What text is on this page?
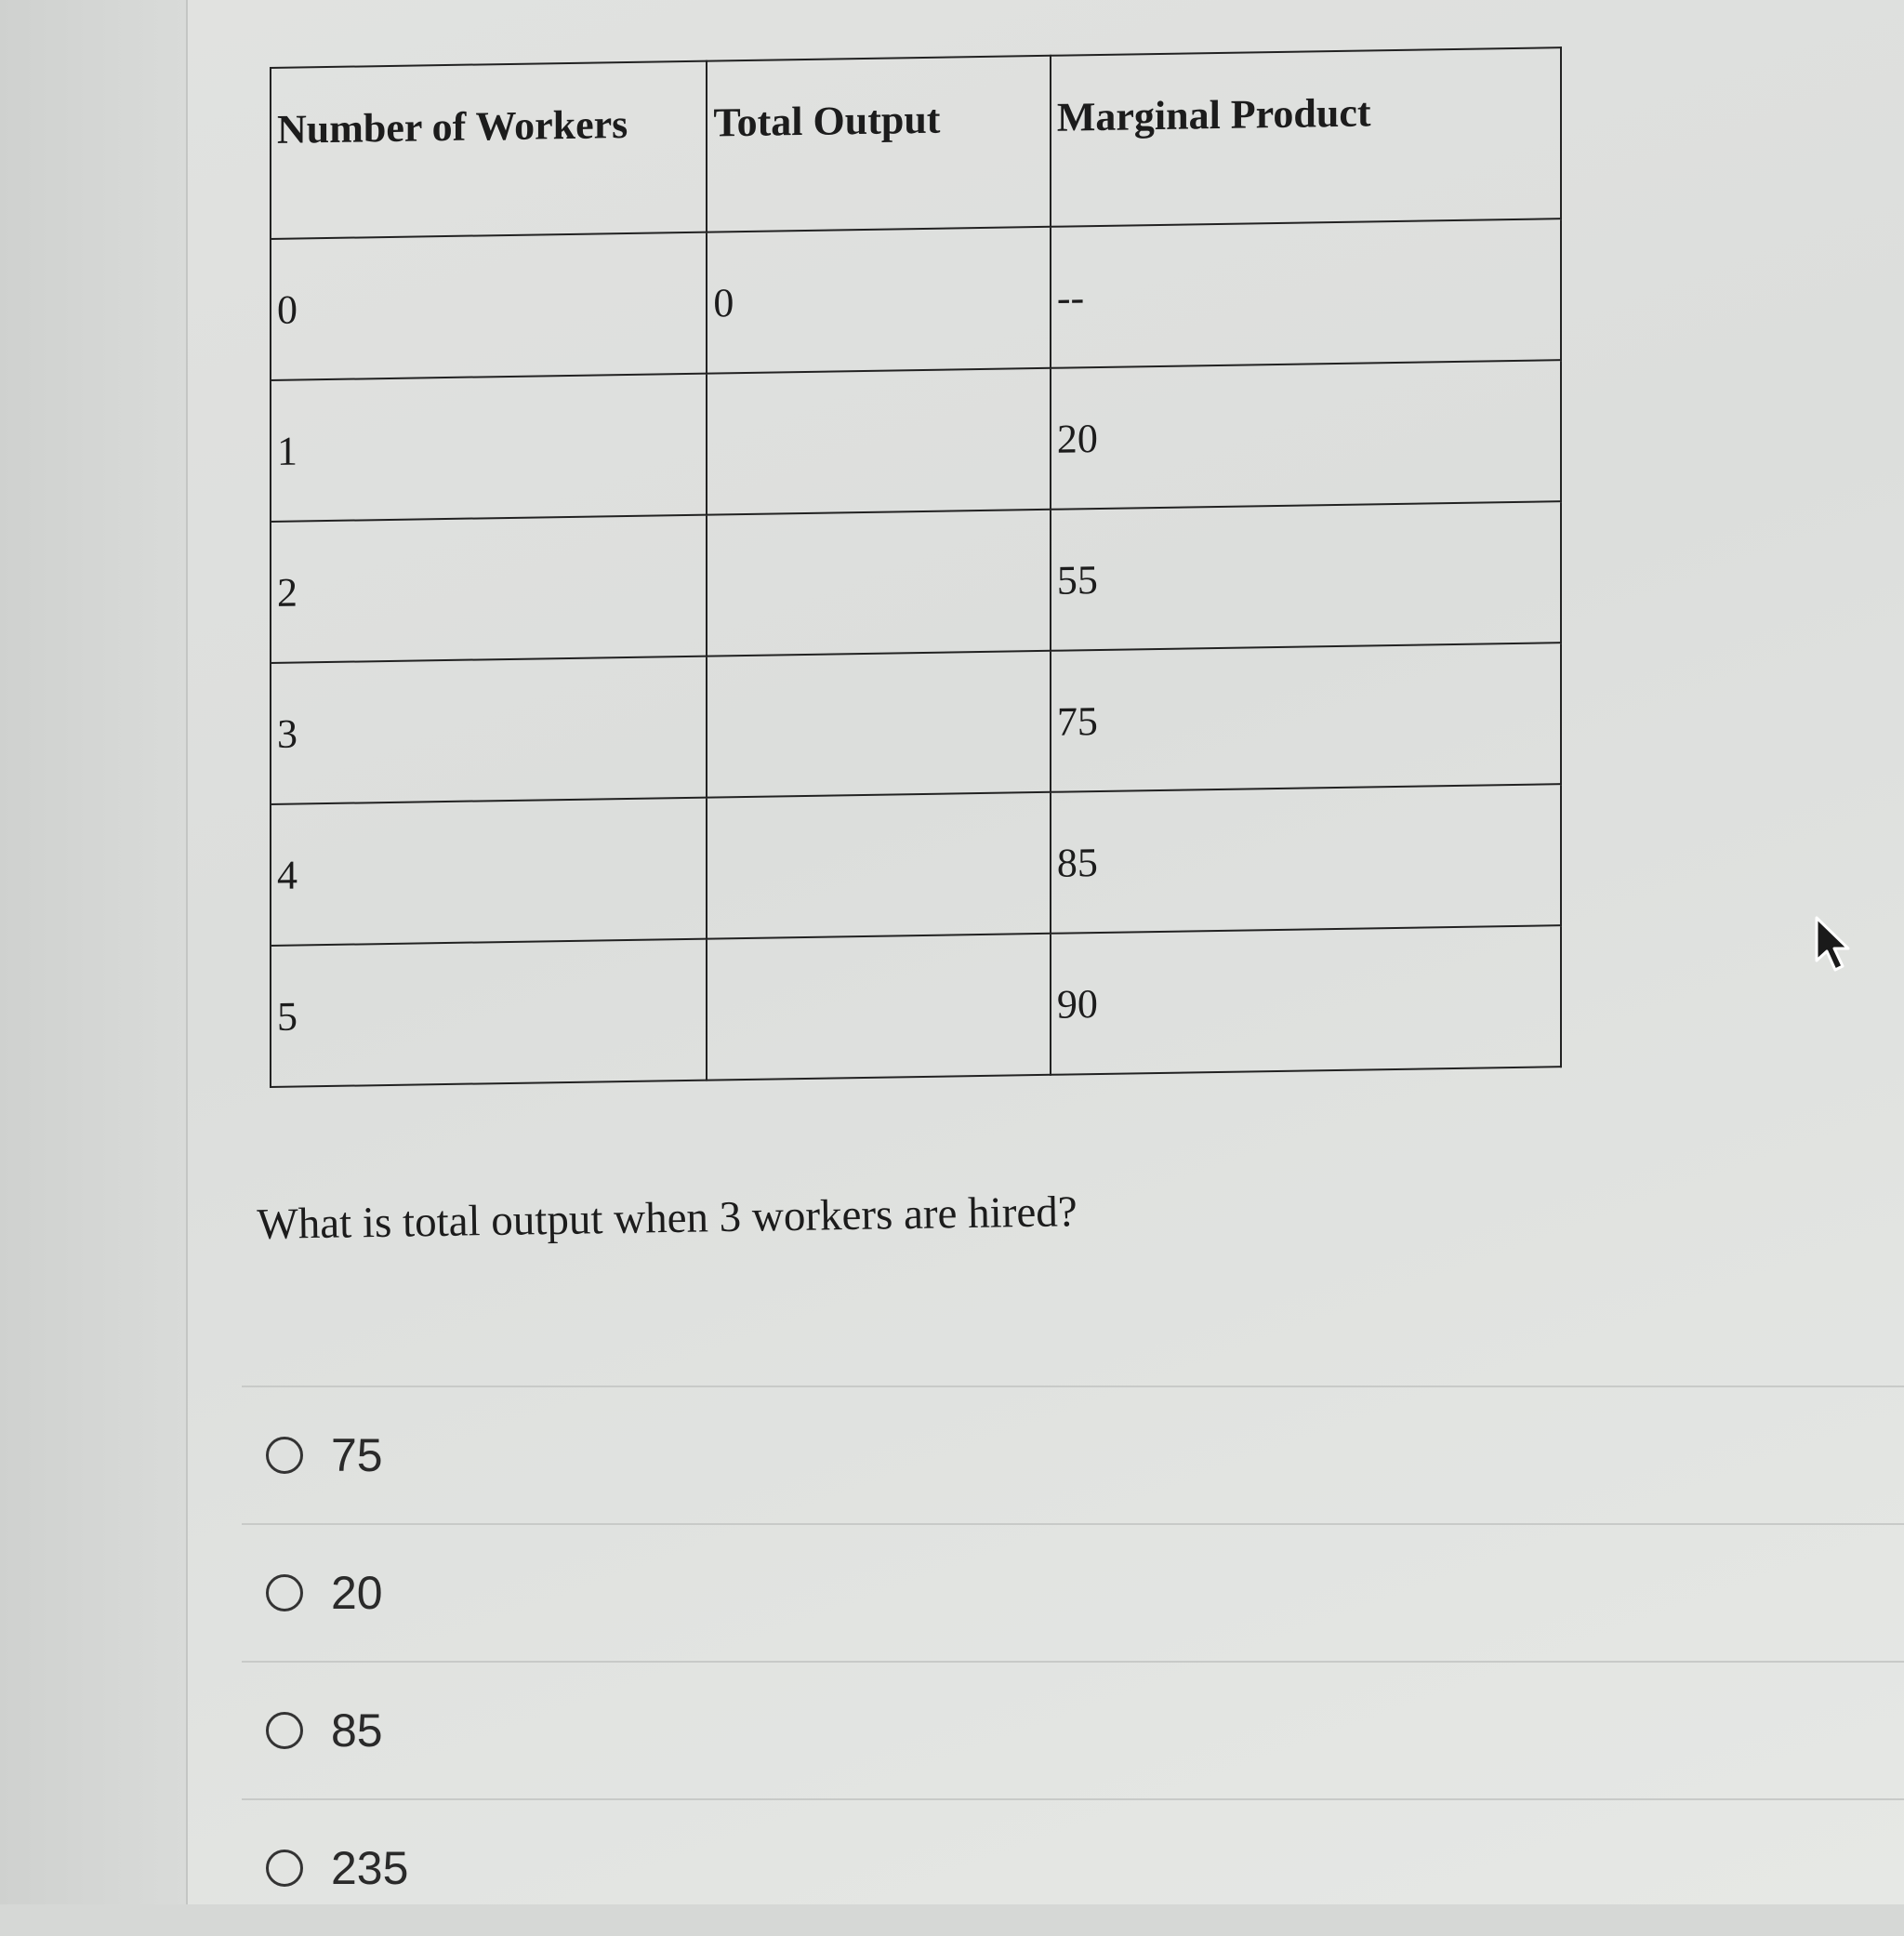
Number of Workers	Total Output	Marginal Product
0	0	--
1		20
2		55
3		75
4		85
5		90
What is total output when 3 workers are hired?
75
20
85
235
